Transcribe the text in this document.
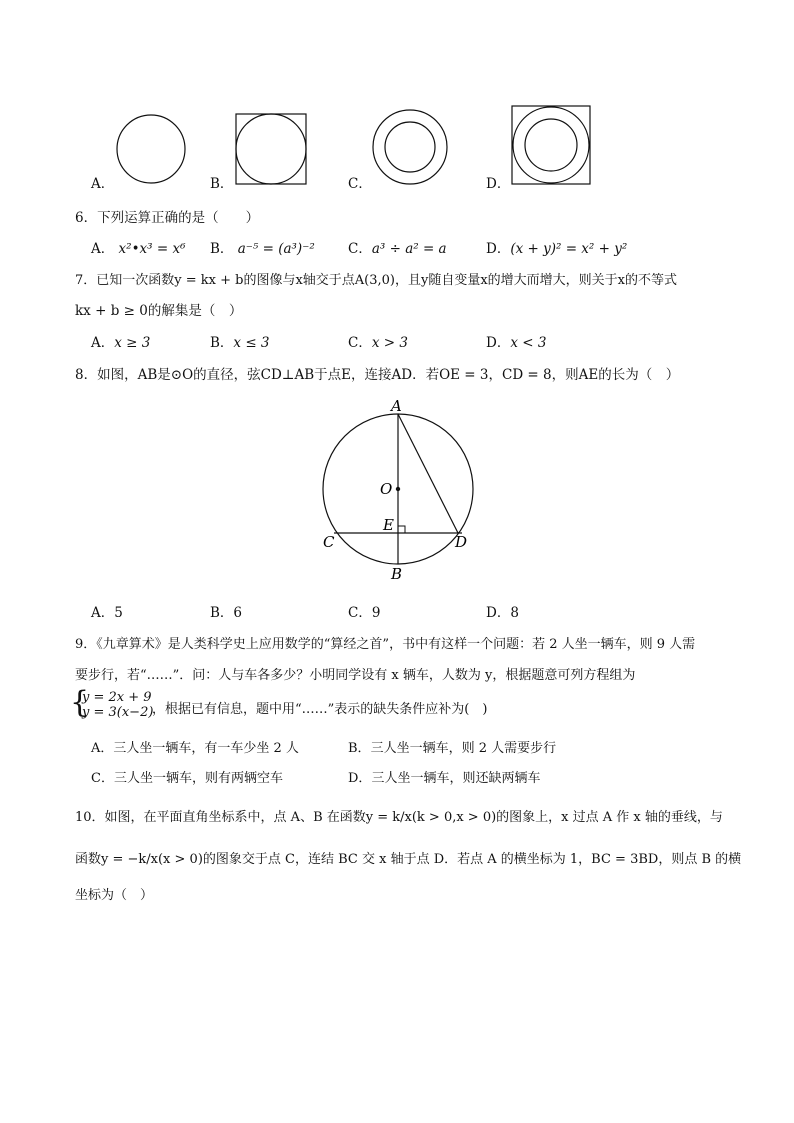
A．	B．	C．	D．
6．下列运算正确的是（　　）
A． x²•x³ = x⁶ B． a⁻⁵ = (a³)⁻² C．a³ ÷ a² = a	D．(x + y)² = x² + y²
7．已知一次函数y = kx + b的图像与x轴交于点A(3,0)，且y随自变量x的增大而增大，则关于x的不等式
kx + b ≥ 0的解集是（　）
A．x ≥ 3	B．x ≤ 3	C．x > 3	D．x < 3
8．如图，AB是⊙O的直径，弦CD⊥AB于点E，连接AD．若OE = 3，CD = 8，则AE的长为（　）
A
O
E
C	D
B
A．5	B．6	C．9	D．8
9．《九章算术》是人类科学史上应用数学的“算经之首”，书中有这样一个问题：若 2 人坐一辆车，则 9 人需
要步行，若“……”．问：人与车各多少？小明同学设有 x 辆车，人数为 y，根据题意可列方程组为
{
y = 2x + 9
y = 3(x−2)
，根据已有信息，题中用“……”表示的缺失条件应补为(　)
A．三人坐一辆车，有一车少坐 2 人	B．三人坐一辆车，则 2 人需要步行
C．三人坐一辆车，则有两辆空车	D．三人坐一辆车，则还缺两辆车
10．如图，在平面直角坐标系中，点 A、B 在函数y = k/x(k > 0,x > 0)的图象上，x 过点 A 作 x 轴的垂线，与
函数y = −k/x(x > 0)的图象交于点 C，连结 BC 交 x 轴于点 D．若点 A 的横坐标为 1，BC = 3BD，则点 B 的横
坐标为（　）
